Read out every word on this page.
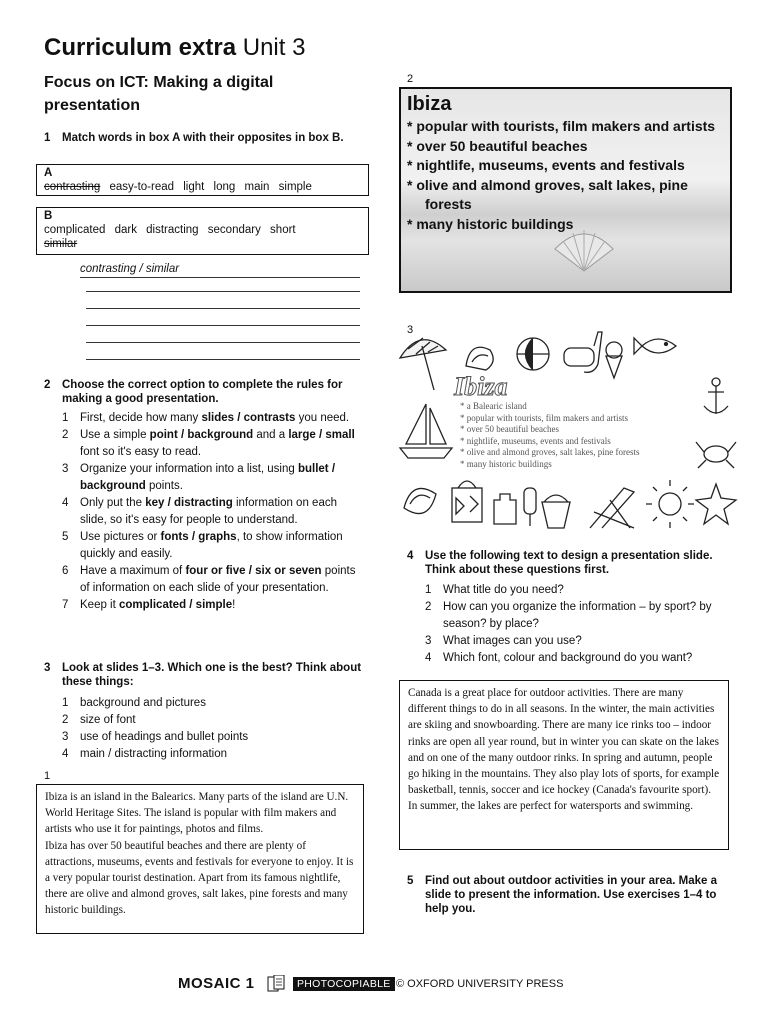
Curriculum extra Unit 3
Focus on ICT: Making a digital presentation
1 Match words in box A with their opposites in box B.
A
contrasting easy-to-read light long main simple
B
complicated dark distracting secondary short
similar
contrasting / similar
2 Choose the correct option to complete the rules for making a good presentation.
1 First, decide how many slides / contrasts you need.
2 Use a simple point / background and a large / small font so it's easy to read.
3 Organize your information into a list, using bullet / background points.
4 Only put the key / distracting information on each slide, so it's easy for people to understand.
5 Use pictures or fonts / graphs, to show information quickly and easily.
6 Have a maximum of four or five / six or seven points of information on each slide of your presentation.
7 Keep it complicated / simple!
3 Look at slides 1–3. Which one is the best? Think about these things:
1 background and pictures
2 size of font
3 use of headings and bullet points
4 main / distracting information
1
Ibiza is an island in the Balearics. Many parts of the island are U.N. World Heritage Sites. The island is popular with film makers and artists who use it for paintings, photos and films.
Ibiza has over 50 beautiful beaches and there are plenty of attractions, museums, events and festivals for everyone to enjoy. It is a very popular tourist destination. Apart from its famous nightlife, there are olive and almond groves, salt lakes, pine forests and many historic buildings.
2
Ibiza
* popular with tourists, film makers and artists
* over 50 beautiful beaches
* nightlife, museums, events and festivals
* olive and almond groves, salt lakes, pine forests
* many historic buildings
3
Ibiza
* a Balearic island
* popular with tourists, film makers and artists
* over 50 beautiful beaches
* nightlife, museums, events and festivals
* olive and almond groves, salt lakes, pine forests
* many historic buildings
4 Use the following text to design a presentation slide. Think about these questions first.
1 What title do you need?
2 How can you organize the information – by sport? by season? by place?
3 What images can you use?
4 Which font, colour and background do you want?
Canada is a great place for outdoor activities. There are many different things to do in all seasons. In the winter, the main activities are skiing and snowboarding. There are many ice rinks too – indoor rinks are open all year round, but in winter you can skate on the lakes and on one of the many outdoor rinks. In spring and autumn, people go hiking in the mountains. They also play lots of sports, for example basketball, tennis, soccer and ice hockey (Canada's favourite sport). In summer, the lakes are perfect for watersports and swimming.
5 Find out about outdoor activities in your area. Make a slide to present the information. Use exercises 1–4 to help you.
MOSAIC 1	PHOTOCOPIABLE © OXFORD UNIVERSITY PRESS
